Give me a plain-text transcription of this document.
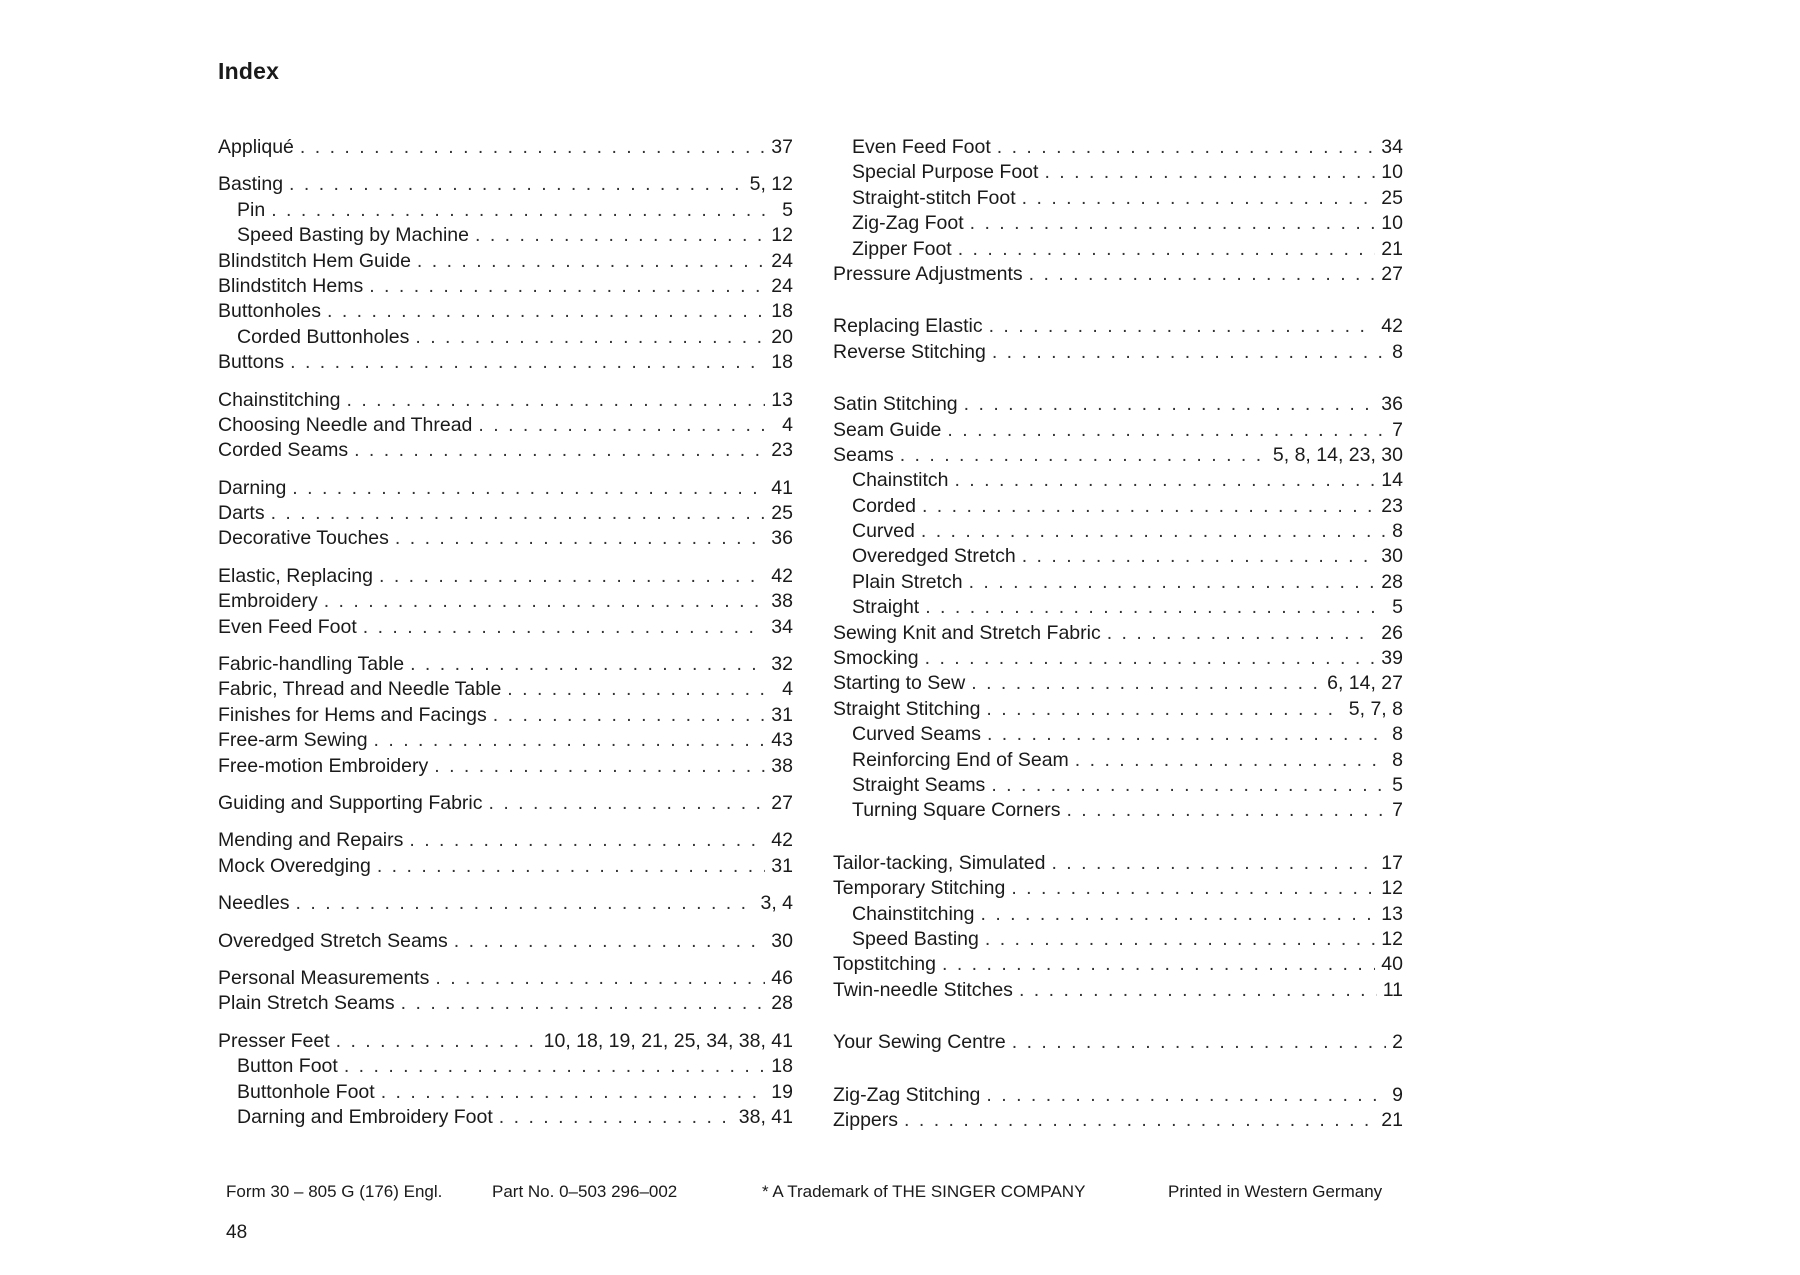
Index
Appliqué . . .	37
Basting . . .	5, 12
Pin . . .	5
Speed Basting by Machine . . .	12
Blindstitch Hem Guide . . .	24
Blindstitch Hems . . .	24
Buttonholes . . .	18
Corded Buttonholes . . .	20
Buttons . . .	18
Chainstitching . . .	13
Choosing Needle and Thread . . .	4
Corded Seams . . .	23
Darning . . .	41
Darts . . .	25
Decorative Touches . . .	36
Elastic, Replacing . . .	42
Embroidery . . .	38
Even Feed Foot . . .	34
Fabric-handling Table . . .	32
Fabric, Thread and Needle Table . . .	4
Finishes for Hems and Facings . . .	31
Free-arm Sewing . . .	43
Free-motion Embroidery . . .	38
Guiding and Supporting Fabric . . .	27
Mending and Repairs . . .	42
Mock Overedging . . .	31
Needles . . .	3, 4
Overedged Stretch Seams . . .	30
Personal Measurements . . .	46
Plain Stretch Seams . . .	28
Presser Feet . . .	10, 18, 19, 21, 25, 34, 38, 41
Button Foot . . .	18
Buttonhole Foot . . .	19
Darning and Embroidery Foot . . .	38, 41
Even Feed Foot . . .	34
Special Purpose Foot . . .	10
Straight-stitch Foot . . .	25
Zig-Zag Foot . . .	10
Zipper Foot . . .	21
Pressure Adjustments . . .	27
Replacing Elastic . . .	42
Reverse Stitching . . .	8
Satin Stitching . . .	36
Seam Guide . . .	7
Seams . . .	5, 8, 14, 23, 30
Chainstitch . . .	14
Corded . . .	23
Curved . . .	8
Overedged Stretch . . .	30
Plain Stretch . . .	28
Straight . . .	5
Sewing Knit and Stretch Fabric . . .	26
Smocking . . .	39
Starting to Sew . . .	6, 14, 27
Straight Stitching . . .	5, 7, 8
Curved Seams . . .	8
Reinforcing End of Seam . . .	8
Straight Seams . . .	5
Turning Square Corners . . .	7
Tailor-tacking, Simulated . . .	17
Temporary Stitching . . .	12
Chainstitching . . .	13
Speed Basting . . .	12
Topstitching . . .	40
Twin-needle Stitches . . .	11
Your Sewing Centre . . .	2
Zig-Zag Stitching . . .	9
Zippers . . .	21
Form 30 – 805 G (176) Engl.	Part No. 0–503 296–002	* A Trademark of THE SINGER COMPANY	Printed in Western Germany
48
